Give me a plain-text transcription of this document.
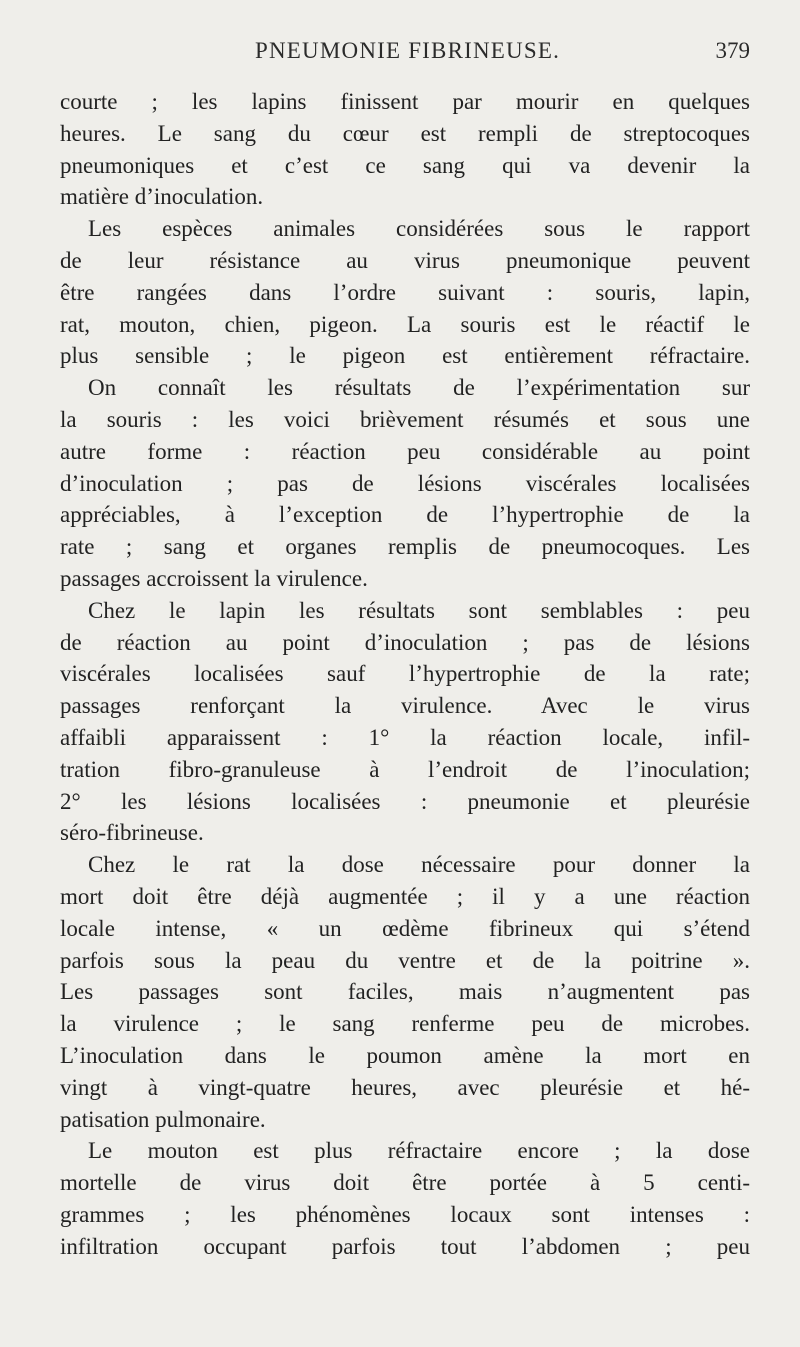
PNEUMONIE FIBRINEUSE.	379
courte ; les lapins finissent par mourir en quelques
heures. Le sang du cœur est rempli de streptocoques
pneumoniques et c’est ce sang qui va devenir la
matière d’inoculation.
Les espèces animales considérées sous le rapport
de leur résistance au virus pneumonique peuvent
être rangées dans l’ordre suivant : souris, lapin,
rat, mouton, chien, pigeon. La souris est le réactif le
plus sensible ; le pigeon est entièrement réfractaire.
On connaît les résultats de l’expérimentation sur
la souris : les voici brièvement résumés et sous une
autre forme : réaction peu considérable au point
d’inoculation ; pas de lésions viscérales localisées
appréciables, à l’exception de l’hypertrophie de la
rate ; sang et organes remplis de pneumocoques. Les
passages accroissent la virulence.
Chez le lapin les résultats sont semblables : peu
de réaction au point d’inoculation ; pas de lésions
viscérales localisées sauf l’hypertrophie de la rate;
passages renforçant la virulence. Avec le virus
affaibli apparaissent : 1° la réaction locale, infil-
tration fibro-granuleuse à l’endroit de l’inoculation;
2° les lésions localisées : pneumonie et pleurésie
séro-fibrineuse.
Chez le rat la dose nécessaire pour donner la
mort doit être déjà augmentée ; il y a une réaction
locale intense, « un œdème fibrineux qui s’étend
parfois sous la peau du ventre et de la poitrine ».
Les passages sont faciles, mais n’augmentent pas
la virulence ; le sang renferme peu de microbes.
L’inoculation dans le poumon amène la mort en
vingt à vingt-quatre heures, avec pleurésie et hé-
patisation pulmonaire.
Le mouton est plus réfractaire encore ; la dose
mortelle de virus doit être portée à 5 centi-
grammes ; les phénomènes locaux sont intenses :
infiltration occupant parfois tout l’abdomen ; peu
